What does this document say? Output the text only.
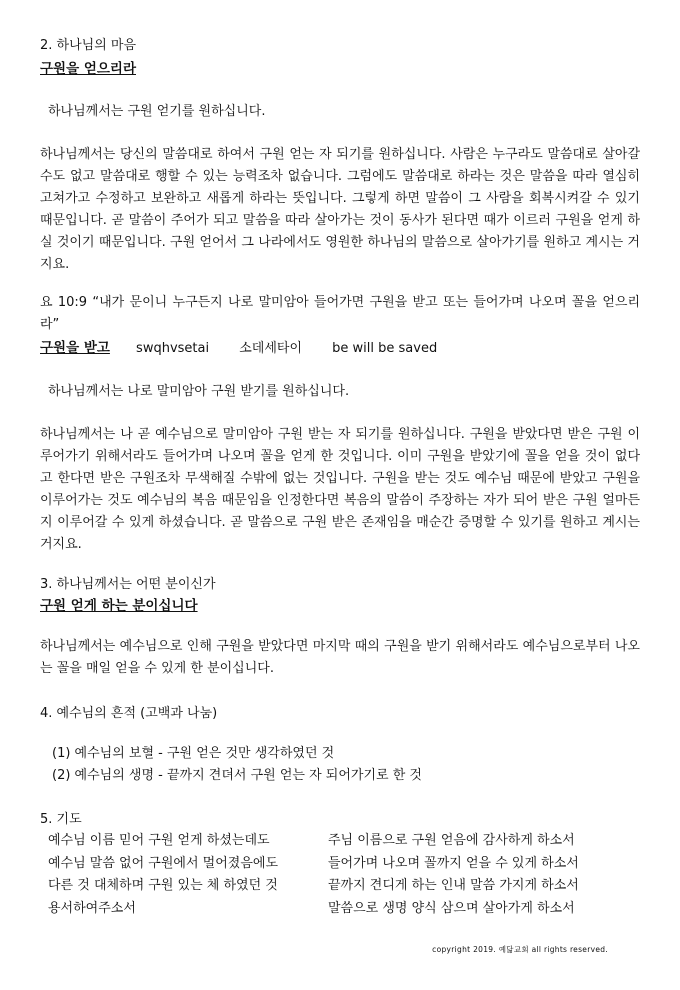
2. 하나님의 마음
구원을 얻으리라
하나님께서는 구원 얻기를 원하십니다.
하나님께서는 당신의 말씀대로 하여서 구원 얻는 자 되기를 원하십니다. 사람은 누구라도 말씀대로 살아갈 수도 없고 말씀대로 행할 수 있는 능력조차 없습니다. 그럼에도 말씀대로 하라는 것은 말씀을 따라 열심히 고쳐가고 수정하고 보완하고 새롭게 하라는 뜻입니다. 그렇게 하면 말씀이 그 사람을 회복시켜갈 수 있기 때문입니다. 곧 말씀이 주어가 되고 말씀을 따라 살아가는 것이 동사가 된다면 때가 이르러 구원을 얻게 하실 것이기 때문입니다. 구원 얻어서 그 나라에서도 영원한 하나님의 말씀으로 살아가기를 원하고 계시는 거지요.
요 10:9 “내가 문이니 누구든지 나로 말미암아 들어가면 구원을 받고 또는 들어가며 나오며 꼴을 얻으리라”
구원을 받고 swqhvsetai 소데세타이 be will be saved
하나님께서는 나로 말미암아 구원 받기를 원하십니다.
하나님께서는 나 곧 예수님으로 말미암아 구원 받는 자 되기를 원하십니다. 구원을 받았다면 받은 구원 이루어가기 위해서라도 들어가며 나오며 꼴을 얻게 한 것입니다. 이미 구원을 받았기에 꼴을 얻을 것이 없다고 한다면 받은 구원조차 무색해질 수밖에 없는 것입니다. 구원을 받는 것도 예수님 때문에 받았고 구원을 이루어가는 것도 예수님의 복음 때문임을 인정한다면 복음의 말씀이 주장하는 자가 되어 받은 구원 얼마든지 이루어갈 수 있게 하셨습니다. 곧 말씀으로 구원 받은 존재임을 매순간 증명할 수 있기를 원하고 계시는 거지요.
3. 하나님께서는 어떤 분이신가
구원 얻게 하는 분이십니다
하나님께서는 예수님으로 인해 구원을 받았다면 마지막 때의 구원을 받기 위해서라도 예수님으로부터 나오는 꼴을 매일 얻을 수 있게 한 분이십니다.
4. 예수님의 흔적 (고백과 나눔)
(1) 예수님의 보혈 - 구원 얻은 것만 생각하였던 것
(2) 예수님의 생명 - 끝까지 견뎌서 구원 얻는 자 되어가기로 한 것
5. 기도
예수님 이름 믿어 구원 얻게 하셨는데도
예수님 말씀 없어 구원에서 멀어졌음에도
다른 것 대체하며 구원 있는 체 하였던 것
용서하여주소서
주님 이름으로 구원 얻음에 감사하게 하소서
들어가며 나오며 꼴까지 얻을 수 있게 하소서
끝까지 견디게 하는 인내 말씀 가지게 하소서
말씀으로 생명 양식 삼으며 살아가게 하소서
copyright 2019. 예닮교회 all rights reserved.
